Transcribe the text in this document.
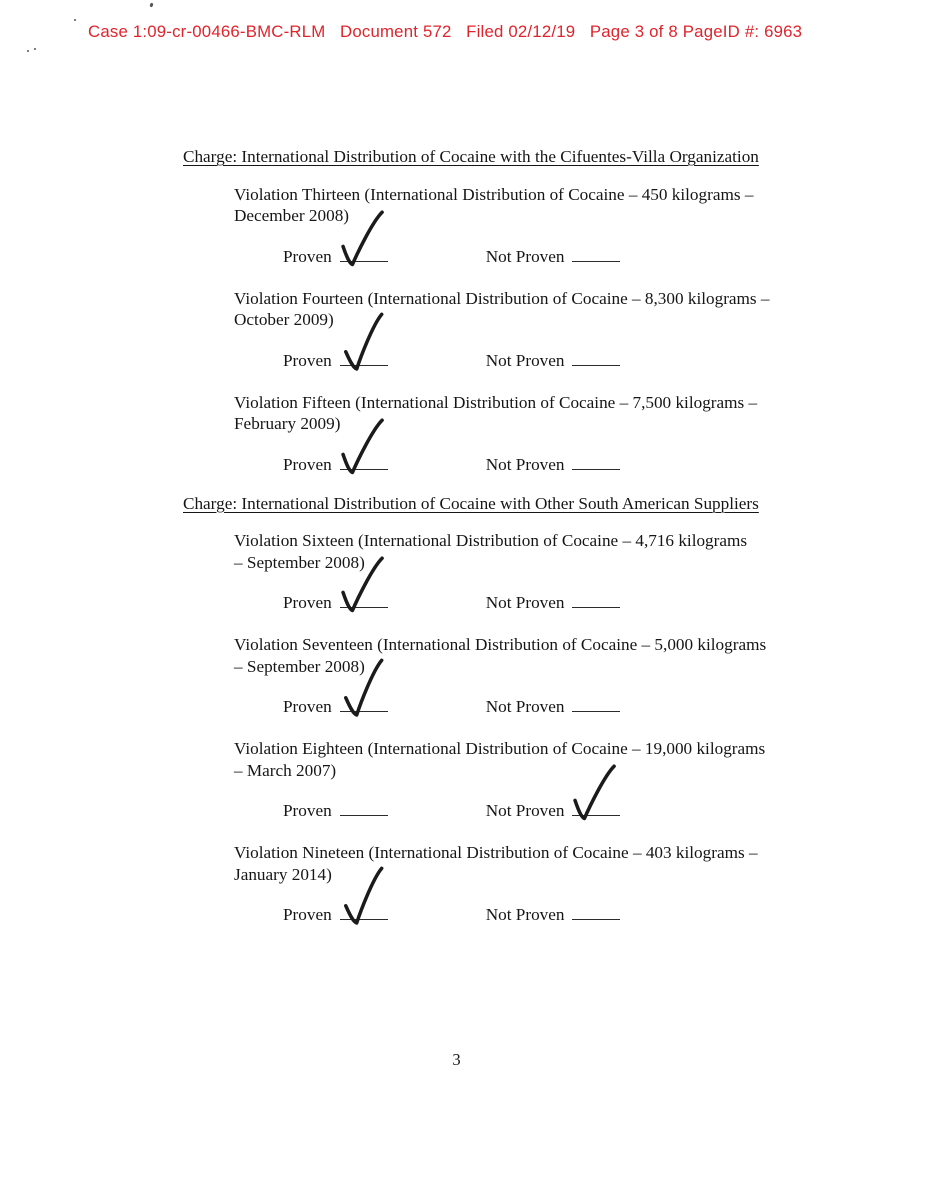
Case 1:09-cr-00466-BMC-RLM   Document 572   Filed 02/12/19   Page 3 of 8 PageID #: 6963
Charge: International Distribution of Cocaine with the Cifuentes-Villa Organization

Violation Thirteen (International Distribution of Cocaine – 450 kilograms –

December 2008)

Proven	Not Proven

Violation Fourteen (International Distribution of Cocaine – 8,300 kilograms –

October 2009)

Proven	Not Proven

Violation Fifteen (International Distribution of Cocaine – 7,500 kilograms –

February 2009)

Proven	Not Proven
Charge: International Distribution of Cocaine with Other South American Suppliers

Violation Sixteen (International Distribution of Cocaine – 4,716 kilograms

– September 2008)

Proven	Not Proven

Violation Seventeen (International Distribution of Cocaine – 5,000 kilograms

– September 2008)

Proven	Not Proven

Violation Eighteen (International Distribution of Cocaine – 19,000 kilograms

– March 2007)

Proven	Not Proven

Violation Nineteen (International Distribution of Cocaine – 403 kilograms –

January 2014)

Proven	Not Proven
3
